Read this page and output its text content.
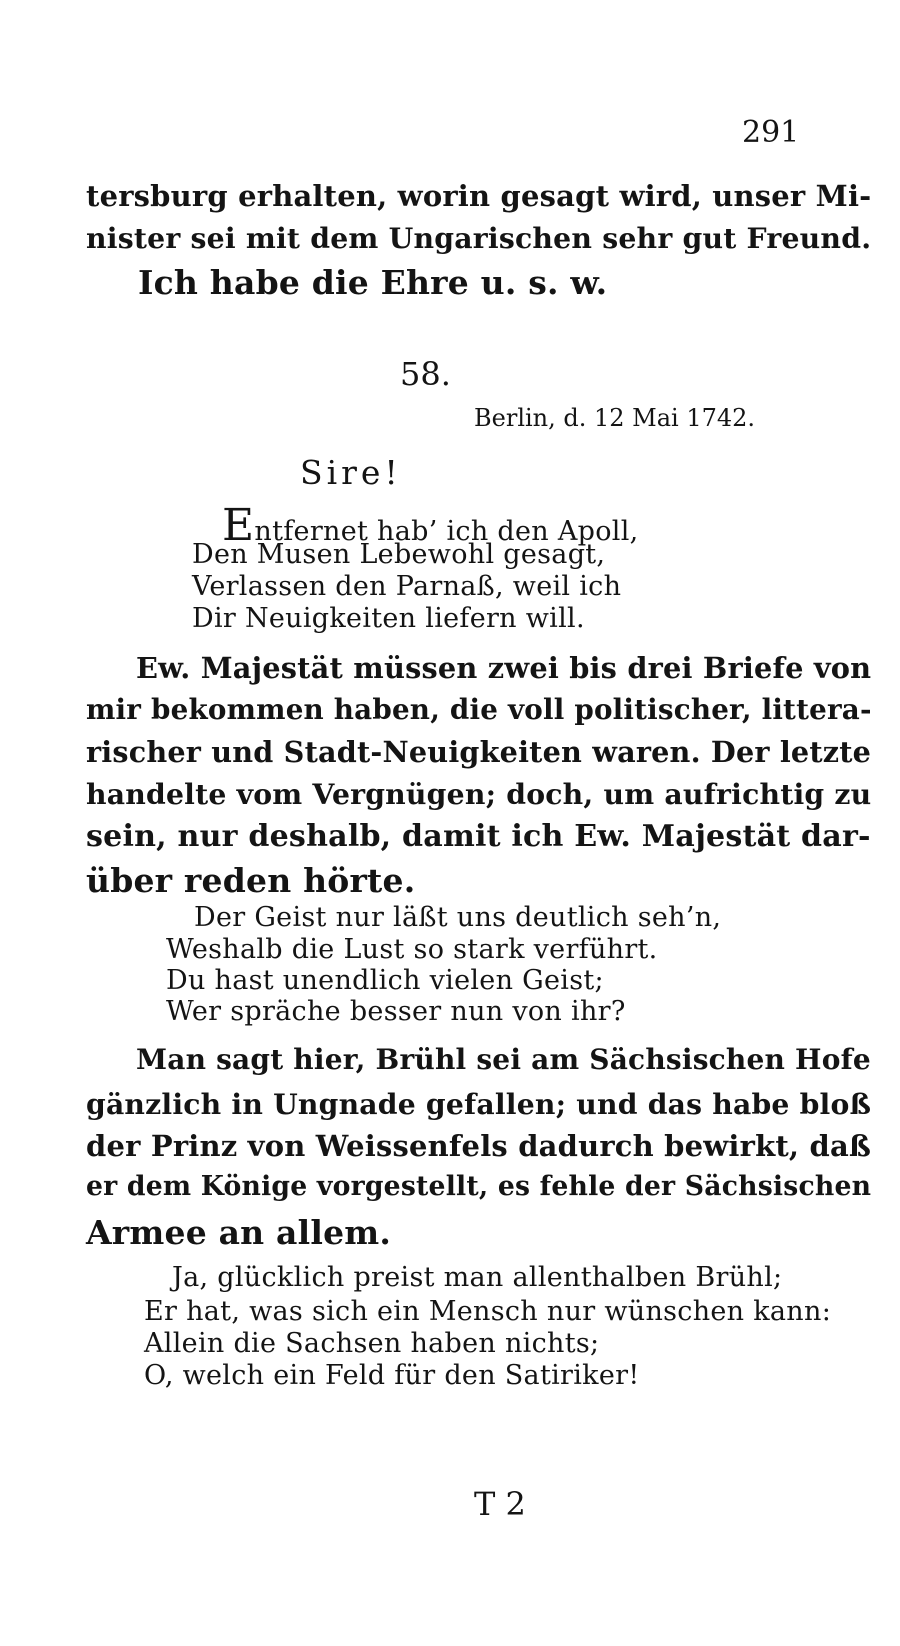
291
tersburg erhalten, worin gesagt wird, unser Mi-
nister sei mit dem Ungarischen sehr gut Freund.
Ich habe die Ehre u. s. w.
58.
Berlin, d. 12 Mai 1742.
Sire!
Entfernet hab’ ich den Apoll,
Den Musen Lebewohl gesagt,
Verlassen den Parnaß, weil ich
Dir Neuigkeiten liefern will.
Ew. Majestät müssen zwei bis drei Briefe von
mir bekommen haben, die voll politischer, littera-
rischer und Stadt-Neuigkeiten waren. Der letzte
handelte vom Vergnügen; doch, um aufrichtig zu
sein, nur deshalb, damit ich Ew. Majestät dar-
über reden hörte.
Der Geist nur läßt uns deutlich seh’n,
Weshalb die Lust so stark verführt.
Du hast unendlich vielen Geist;
Wer spräche besser nun von ihr?
Man sagt hier, Brühl sei am Sächsischen Hofe
gänzlich in Ungnade gefallen; und das habe bloß
der Prinz von Weissenfels dadurch bewirkt, daß
er dem Könige vorgestellt, es fehle der Sächsischen
Armee an allem.
Ja, glücklich preist man allenthalben Brühl;
Er hat, was sich ein Mensch nur wünschen kann:
Allein die Sachsen haben nichts;
O, welch ein Feld für den Satiriker!
T 2
